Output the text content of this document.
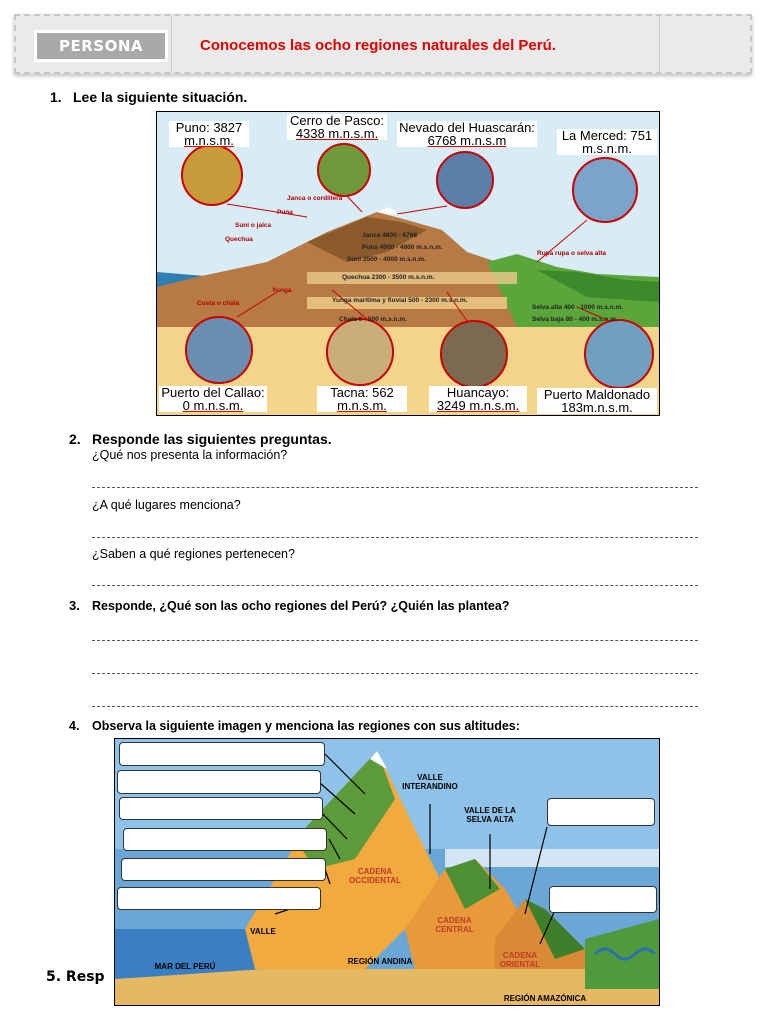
PERSONA	Conocemos las ocho regiones naturales del Perú.
1. Lee la siguiente situación.
Puno: 3827
m.n.s.m.
Cerro de Pasco:
4338 m.n.s.m.	Nevado del Huascarán:
6768 m.n.s.m	La Merced: 751
m.s.n.m.
Puerto del Callao:
0 m.n.s.m.
Tacna: 562
m.n.s.m.
Huancayo:
3249 m.n.s.m.
Puerto Maldonado
183m.n.s.m.
Janca o cordillera
Puna
Suni o jalca
Quechua
Yunga
Costa o chala
Rupa rupa o selva alta
Janca 4800 - 6768
Puna 4000 - 4800 m.s.n.m.
Suni 3500 - 4000 m.s.n.m.
Quechua 2300 - 3500 m.s.n.m.
Yunga marítima y fluvial 500 - 2300 m.s.n.m.
Chala 0 - 500 m.s.n.m.
Selva alta 400 - 1000 m.s.n.m.
Selva baja 80 - 400 m.s.n.m.
2. Responde las siguientes preguntas.
¿Qué nos presenta la información?
¿A qué lugares menciona?
¿Saben a qué regiones pertenecen?
3. Responde, ¿Qué son las ocho regiones del Perú? ¿Quién las plantea?
4. Observa la siguiente imagen y menciona las regiones con sus altitudes:
5. Resp
VALLE INTERANDINO
VALLE DE LA SELVA ALTA
CADENA OCCIDENTAL
CADENA CENTRAL
CADENA ORIENTAL
VALLE
MAR DEL PERÚ
REGIÓN ANDINA
REGIÓN AMAZÓNICA
